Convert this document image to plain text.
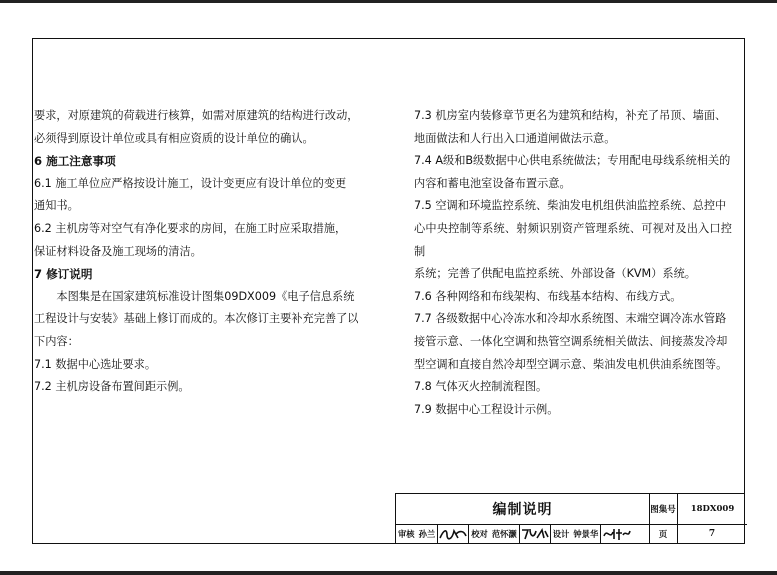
要求，对原建筑的荷载进行核算，如需对原建筑的结构进行改动，

必须得到原设计单位或具有相应资质的设计单位的确认。

6 施工注意事项

6.1 施工单位应严格按设计施工，设计变更应有设计单位的变更

通知书。

6.2 主机房等对空气有净化要求的房间，在施工时应采取措施，

保证材料设备及施工现场的清洁。

7 修订说明

本图集是在国家建筑标准设计图集09DX009《电子信息系统

工程设计与安装》基础上修订而成的。本次修订主要补充完善了以

下内容：

7.1 数据中心选址要求。

7.2 主机房设备布置间距示例。

7.3 机房室内装修章节更名为建筑和结构，补充了吊顶、墙面、

地面做法和人行出入口通道闸做法示意。

7.4 A级和B级数据中心供电系统做法；专用配电母线系统相关的

内容和蓄电池室设备布置示意。

7.5 空调和环境监控系统、柴油发电机组供油监控系统、总控中

心中央控制等系统、射频识别资产管理系统、可视对及出入口控制

系统；完善了供配电监控系统、外部设备（KVM）系统。

7.6 各种网络和布线架构、布线基本结构、布线方式。

7.7 各级数据中心冷冻水和冷却水系统图、末端空调冷冻水管路

接管示意、一体化空调和热管空调系统相关做法、间接蒸发冷却

型空调和直接自然冷却型空调示意、柴油发电机供油系统图等。

7.8 气体灭火控制流程图。

7.9 数据中心工程设计示例。

编制说明	图集号	18DX009
审核 孙兰	校对 范怀灏	设计 钟景华	页	7
